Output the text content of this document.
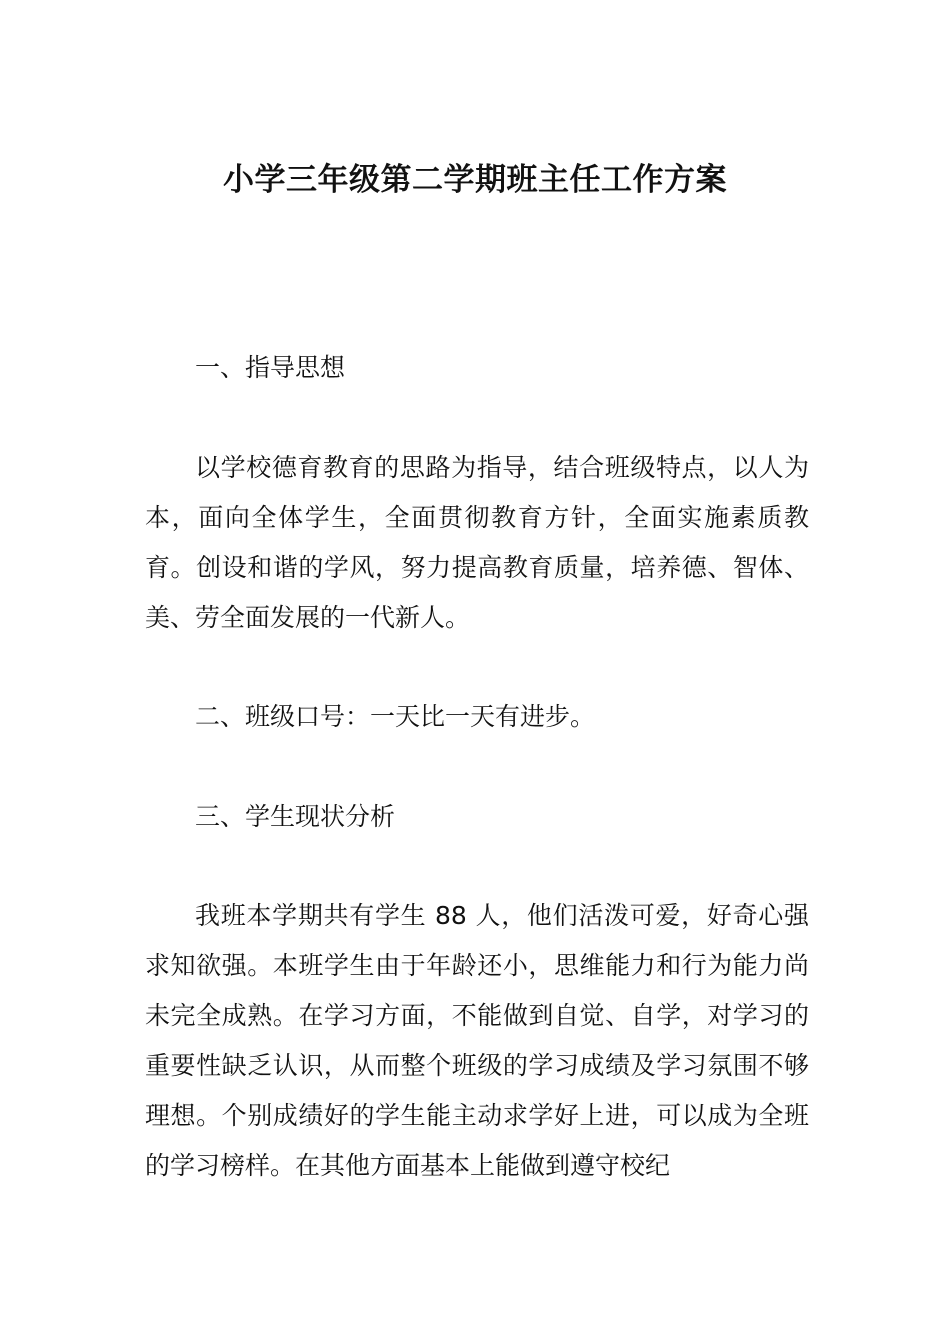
小学三年级第二学期班主任工作方案

一、指导思想

以学校德育教育的思路为指导，结合班级特点，以人为本，面向全体学生，全面贯彻教育方针，全面实施素质教育。创设和谐的学风，努力提高教育质量，培养德、智体、美、劳全面发展的一代新人。

二、班级口号：一天比一天有进步。

三、学生现状分析

我班本学期共有学生 88 人，他们活泼可爱，好奇心强求知欲强。本班学生由于年龄还小，思维能力和行为能力尚未完全成熟。在学习方面，不能做到自觉、自学，对学习的重要性缺乏认识，从而整个班级的学习成绩及学习氛围不够理想。个别成绩好的学生能主动求学好上进，可以成为全班的学习榜样。在其他方面基本上能做到遵守校纪
